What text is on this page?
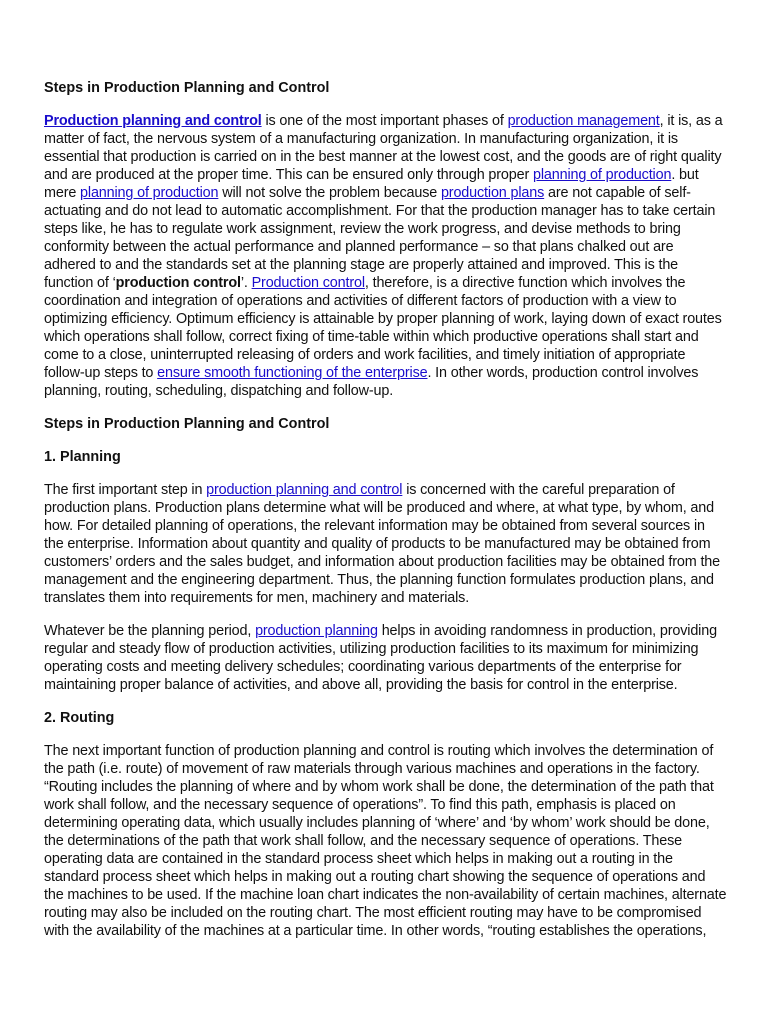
Steps in Production Planning and Control

Production planning and control is one of the most important phases of production management, it is, as a matter of fact, the nervous system of a manufacturing organization. In manufacturing organization, it is essential that production is carried on in the best manner at the lowest cost, and the goods are of right quality and are produced at the proper time. This can be ensured only through proper planning of production. but mere planning of production will not solve the problem because production plans are not capable of self-actuating and do not lead to automatic accomplishment. For that the production manager has to take certain steps like, he has to regulate work assignment, review the work progress, and devise methods to bring conformity between the actual performance and planned performance – so that plans chalked out are adhered to and the standards set at the planning stage are properly attained and improved. This is the function of ‘production control’. Production control, therefore, is a directive function which involves the coordination and integration of operations and activities of different factors of production with a view to optimizing efficiency. Optimum efficiency is attainable by proper planning of work, laying down of exact routes which operations shall follow, correct fixing of time-table within which productive operations shall start and come to a close, uninterrupted releasing of orders and work facilities, and timely initiation of appropriate follow-up steps to ensure smooth functioning of the enterprise. In other words, production control involves planning, routing, scheduling, dispatching and follow-up.

Steps in Production Planning and Control

1. Planning

The first important step in production planning and control is concerned with the careful preparation of production plans. Production plans determine what will be produced and where, at what type, by whom, and how. For detailed planning of operations, the relevant information may be obtained from several sources in the enterprise. Information about quantity and quality of products to be manufactured may be obtained from customers’ orders and the sales budget, and information about production facilities may be obtained from the management and the engineering department. Thus, the planning function formulates production plans, and translates them into requirements for men, machinery and materials.

Whatever be the planning period, production planning helps in avoiding randomness in production, providing regular and steady flow of production activities, utilizing production facilities to its maximum for minimizing operating costs and meeting delivery schedules; coordinating various departments of the enterprise for maintaining proper balance of activities, and above all, providing the basis for control in the enterprise.

2. Routing

The next important function of production planning and control is routing which involves the determination of the path (i.e. route) of movement of raw materials through various machines and operations in the factory. “Routing includes the planning of where and by whom work shall be done, the determination of the path that work shall follow, and the necessary sequence of operations”. To find this path, emphasis is placed on determining operating data, which usually includes planning of ‘where’ and ‘by whom’ work should be done, the determinations of the path that work shall follow, and the necessary sequence of operations. These operating data are contained in the standard process sheet which helps in making out a routing in the standard process sheet which helps in making out a routing chart showing the sequence of operations and the machines to be used. If the machine loan chart indicates the non-availability of certain machines, alternate routing may also be included on the routing chart. The most efficient routing may have to be compromised with the availability of the machines at a particular time. In other words, “routing establishes the operations,
